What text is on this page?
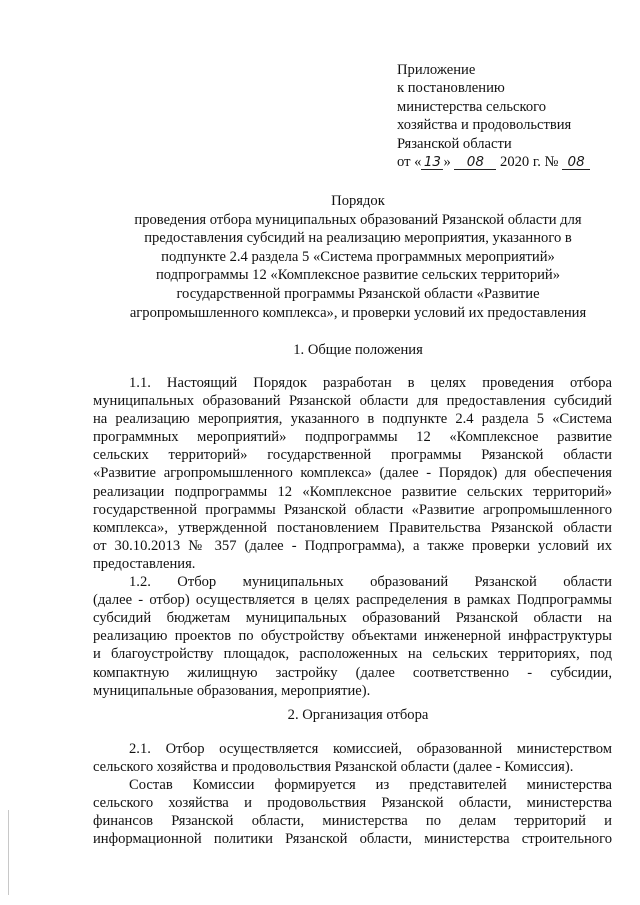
Приложение
к постановлению
министерства сельского
хозяйства и продовольствия
Рязанской области
от « 13 » 08 2020 г. № 08
Порядок
проведения отбора муниципальных образований Рязанской области для
предоставления субсидий на реализацию мероприятия, указанного в
подпункте 2.4 раздела 5 «Система программных мероприятий»
подпрограммы 12 «Комплексное развитие сельских территорий»
государственной программы Рязанской области «Развитие
агропромышленного комплекса», и проверки условий их предоставления
1. Общие положения
1.1. Настоящий Порядок разработан в целях проведения отбора
муниципальных образований Рязанской области для предоставления субсидий
на реализацию мероприятия, указанного в подпункте 2.4 раздела 5 «Система
программных мероприятий» подпрограммы 12 «Комплексное развитие
сельских территорий» государственной программы Рязанской области
«Развитие агропромышленного комплекса» (далее - Порядок) для обеспечения
реализации подпрограммы 12 «Комплексное развитие сельских территорий»
государственной программы Рязанской области «Развитие агропромышленного
комплекса», утвержденной постановлением Правительства Рязанской области
от 30.10.2013 № 357 (далее - Подпрограмма), а также проверки условий их
предоставления.
1.2. Отбор муниципальных образований Рязанской области
(далее - отбор) осуществляется в целях распределения в рамках Подпрограммы
субсидий бюджетам муниципальных образований Рязанской области на
реализацию проектов по обустройству объектами инженерной инфраструктуры
и благоустройству площадок, расположенных на сельских территориях, под
компактную жилищную застройку (далее соответственно - субсидии,
муниципальные образования, мероприятие).
2. Организация отбора
2.1. Отбор осуществляется комиссией, образованной министерством
сельского хозяйства и продовольствия Рязанской области (далее - Комиссия).
Состав Комиссии формируется из представителей министерства
сельского хозяйства и продовольствия Рязанской области, министерства
финансов Рязанской области, министерства по делам территорий и
информационной политики Рязанской области, министерства строительного
